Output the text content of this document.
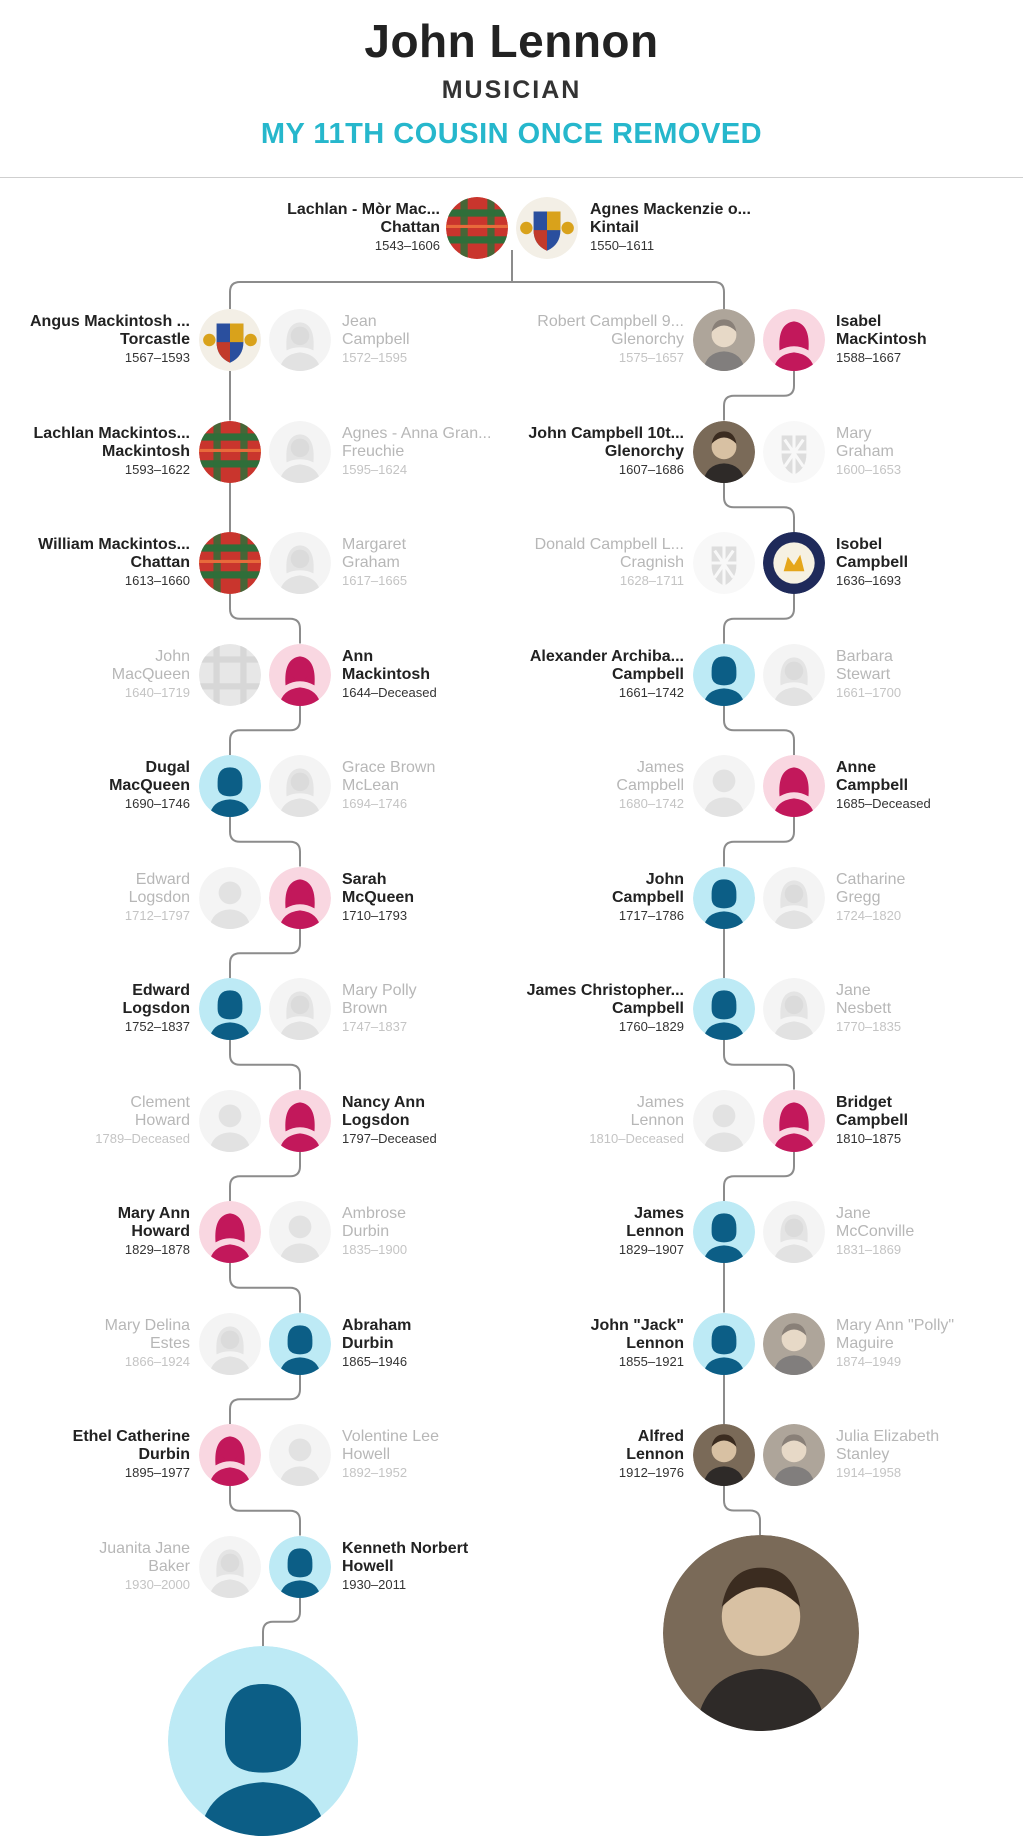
John Lennon
MUSICIAN
MY 11TH COUSIN ONCE REMOVED
Lachlan - Mòr Mac...
Chattan
1543–1606
Agnes Mackenzie o...
Kintail
1550–1611
Angus Mackintosh ...
Torcastle
1567–1593
Jean
Campbell
1572–1595
Lachlan Mackintos...
Mackintosh
1593–1622
Agnes - Anna Gran...
Freuchie
1595–1624
William Mackintos...
Chattan
1613–1660
Margaret
Graham
1617–1665
John
MacQueen
1640–1719
Ann
Mackintosh
1644–Deceased
Dugal
MacQueen
1690–1746
Grace Brown
McLean
1694–1746
Edward
Logsdon
1712–1797
Sarah
McQueen
1710–1793
Edward
Logsdon
1752–1837
Mary Polly
Brown
1747–1837
Clement
Howard
1789–Deceased
Nancy Ann
Logsdon
1797–Deceased
Mary Ann
Howard
1829–1878
Ambrose
Durbin
1835–1900
Mary Delina
Estes
1866–1924
Abraham
Durbin
1865–1946
Ethel Catherine
Durbin
1895–1977
Volentine Lee
Howell
1892–1952
Juanita Jane
Baker
1930–2000
Kenneth Norbert
Howell
1930–2011
Robert Campbell 9...
Glenorchy
1575–1657
Isabel
MacKintosh
1588–1667
John Campbell 10t...
Glenorchy
1607–1686
Mary
Graham
1600–1653
Donald Campbell L...
Cragnish
1628–1711
Isobel
Campbell
1636–1693
Alexander Archiba...
Campbell
1661–1742
Barbara
Stewart
1661–1700
James
Campbell
1680–1742
Anne
Campbell
1685–Deceased
John
Campbell
1717–1786
Catharine
Gregg
1724–1820
James Christopher...
Campbell
1760–1829
Jane
Nesbett
1770–1835
James
Lennon
1810–Deceased
Bridget
Campbell
1810–1875
James
Lennon
1829–1907
Jane
McConville
1831–1869
John "Jack"
Lennon
1855–1921
Mary Ann "Polly"
Maguire
1874–1949
Alfred
Lennon
1912–1976
Julia Elizabeth
Stanley
1914–1958
